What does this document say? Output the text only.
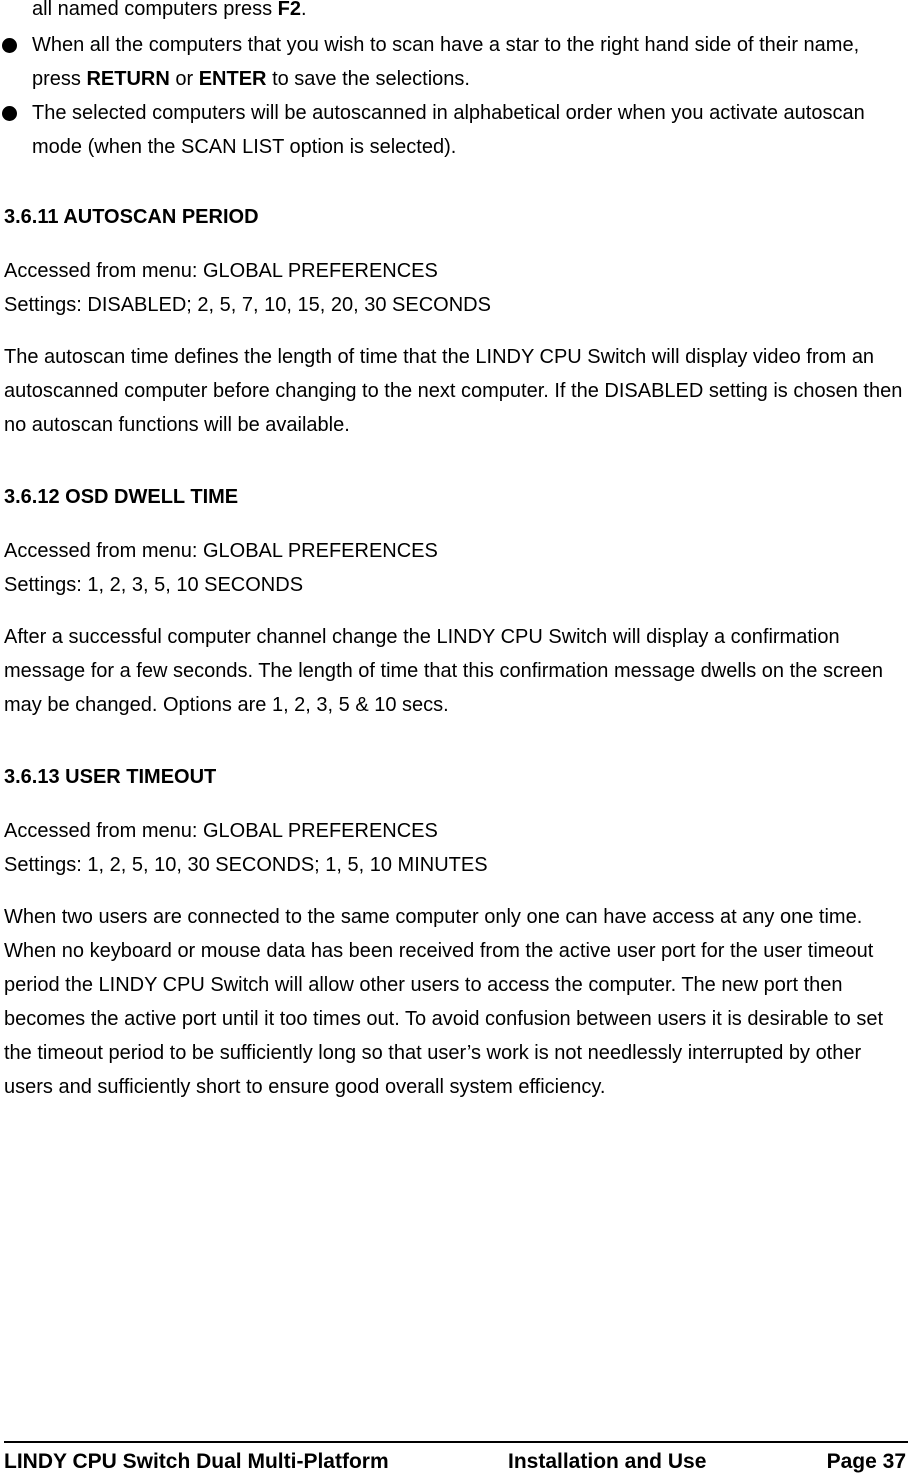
all named computers press F2.

When all the computers that you wish to scan have a star to the right hand side of their name, press RETURN or ENTER to save the selections.

The selected computers will be autoscanned in alphabetical order when you activate autoscan mode (when the SCAN LIST option is selected).

3.6.11 AUTOSCAN PERIOD

Accessed from menu: GLOBAL PREFERENCES

Settings: DISABLED; 2, 5, 7, 10, 15, 20, 30 SECONDS

The autoscan time defines the length of time that the LINDY CPU Switch will display video from an autoscanned computer before changing to the next computer. If the DISABLED setting is chosen then no autoscan functions will be available.

3.6.12 OSD DWELL TIME

Accessed from menu: GLOBAL PREFERENCES

Settings: 1, 2, 3, 5, 10 SECONDS

After a successful computer channel change the LINDY CPU Switch will display a confirmation message for a few seconds. The length of time that this confirmation message dwells on the screen may be changed. Options are 1, 2, 3, 5 & 10 secs.

3.6.13 USER TIMEOUT

Accessed from menu: GLOBAL PREFERENCES

Settings: 1, 2, 5, 10, 30 SECONDS; 1, 5, 10 MINUTES

When two users are connected to the same computer only one can have access at any one time. When no keyboard or mouse data has been received from the active user port for the user timeout period the LINDY CPU Switch will allow other users to access the computer. The new port then becomes the active port until it too times out. To avoid confusion between users it is desirable to set the timeout period to be sufficiently long so that user’s work is not needlessly interrupted by other users and sufficiently short to ensure good overall system efficiency.

LINDY CPU Switch Dual Multi-Platform	Installation and Use	Page 37
